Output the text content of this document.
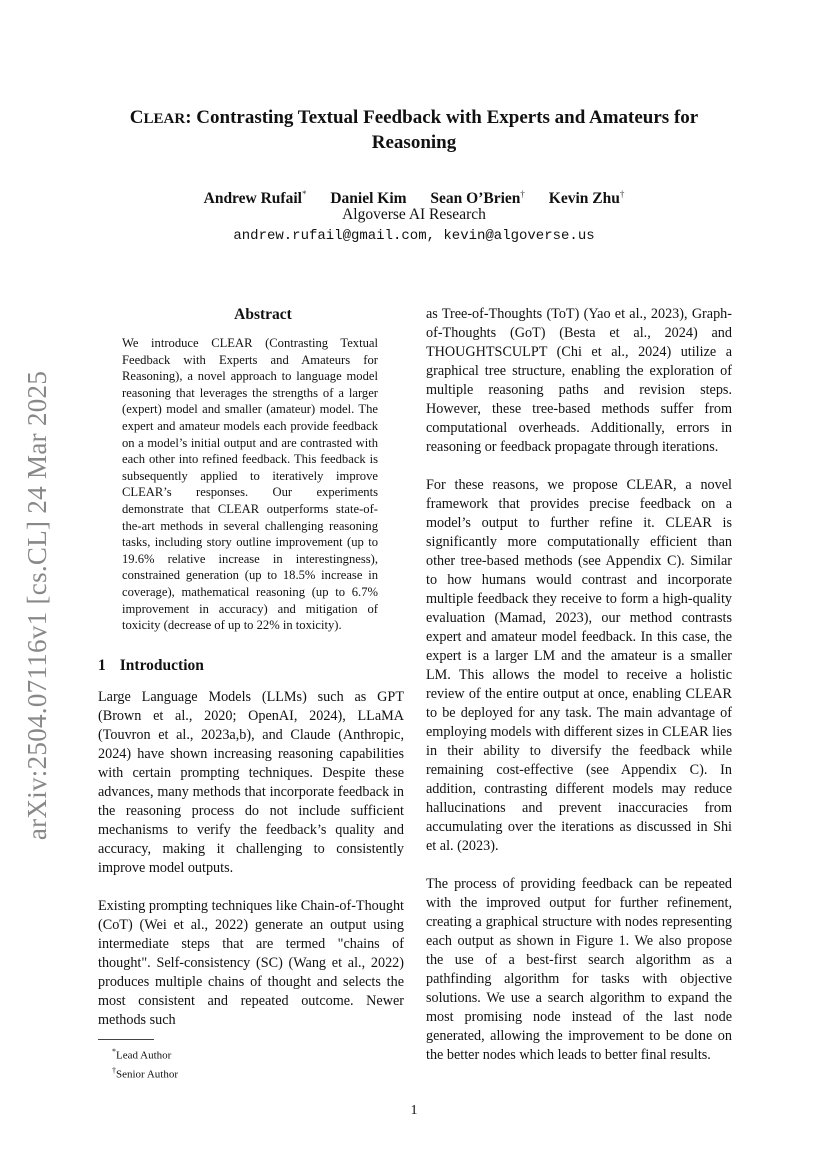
arXiv:2504.07116v1 [cs.CL] 24 Mar 2025
CLEAR: Contrasting Textual Feedback with Experts and Amateurs for
Reasoning
Andrew Rufail* Daniel Kim Sean O’Brien† Kevin Zhu†
Algoverse AI Research
andrew.rufail@gmail.com, kevin@algoverse.us
Abstract
We introduce CLEAR (Contrasting Textual Feedback with Experts and Amateurs for Reasoning), a novel approach to language model reasoning that leverages the strengths of a larger (expert) model and smaller (amateur) model. The expert and amateur models each provide feedback on a model’s initial output and are contrasted with each other into refined feedback. This feedback is subsequently applied to iteratively improve CLEAR’s responses. Our experiments demonstrate that CLEAR outperforms state-of-the-art methods in several challenging reasoning tasks, including story outline improvement (up to 19.6% relative increase in interestingness), constrained generation (up to 18.5% increase in coverage), mathematical reasoning (up to 6.7% improvement in accuracy) and mitigation of toxicity (decrease of up to 22% in toxicity).
1 Introduction

Large Language Models (LLMs) such as GPT (Brown et al., 2020; OpenAI, 2024), LLaMA (Touvron et al., 2023a,b), and Claude (Anthropic, 2024) have shown increasing reasoning capabilities with certain prompting techniques. Despite these advances, many methods that incorporate feedback in the reasoning process do not include sufficient mechanisms to verify the feedback’s quality and accuracy, making it challenging to consistently improve model outputs.

Existing prompting techniques like Chain-of-Thought (CoT) (Wei et al., 2022) generate an output using intermediate steps that are termed "chains of thought". Self-consistency (SC) (Wang et al., 2022) produces multiple chains of thought and selects the most consistent and repeated outcome. Newer methods such

*Lead Author
†Senior Author

as Tree-of-Thoughts (ToT) (Yao et al., 2023), Graph-of-Thoughts (GoT) (Besta et al., 2024) and THOUGHTSCULPT (Chi et al., 2024) utilize a graphical tree structure, enabling the exploration of multiple reasoning paths and revision steps. However, these tree-based methods suffer from computational overheads. Additionally, errors in reasoning or feedback propagate through iterations.

For these reasons, we propose CLEAR, a novel framework that provides precise feedback on a model’s output to further refine it. CLEAR is significantly more computationally efficient than other tree-based methods (see Appendix C). Similar to how humans would contrast and incorporate multiple feedback they receive to form a high-quality evaluation (Mamad, 2023), our method contrasts expert and amateur model feedback. In this case, the expert is a larger LM and the amateur is a smaller LM. This allows the model to receive a holistic review of the entire output at once, enabling CLEAR to be deployed for any task. The main advantage of employing models with different sizes in CLEAR lies in their ability to diversify the feedback while remaining cost-effective (see Appendix C). In addition, contrasting different models may reduce hallucinations and prevent inaccuracies from accumulating over the iterations as discussed in Shi et al. (2023).

The process of providing feedback can be repeated with the improved output for further refinement, creating a graphical structure with nodes representing each output as shown in Figure 1. We also propose the use of a best-first search algorithm as a pathfinding algorithm for tasks with objective solutions. We use a search algorithm to expand the most promising node instead of the last node generated, allowing the improvement to be done on the better nodes which leads to better final results.

1
